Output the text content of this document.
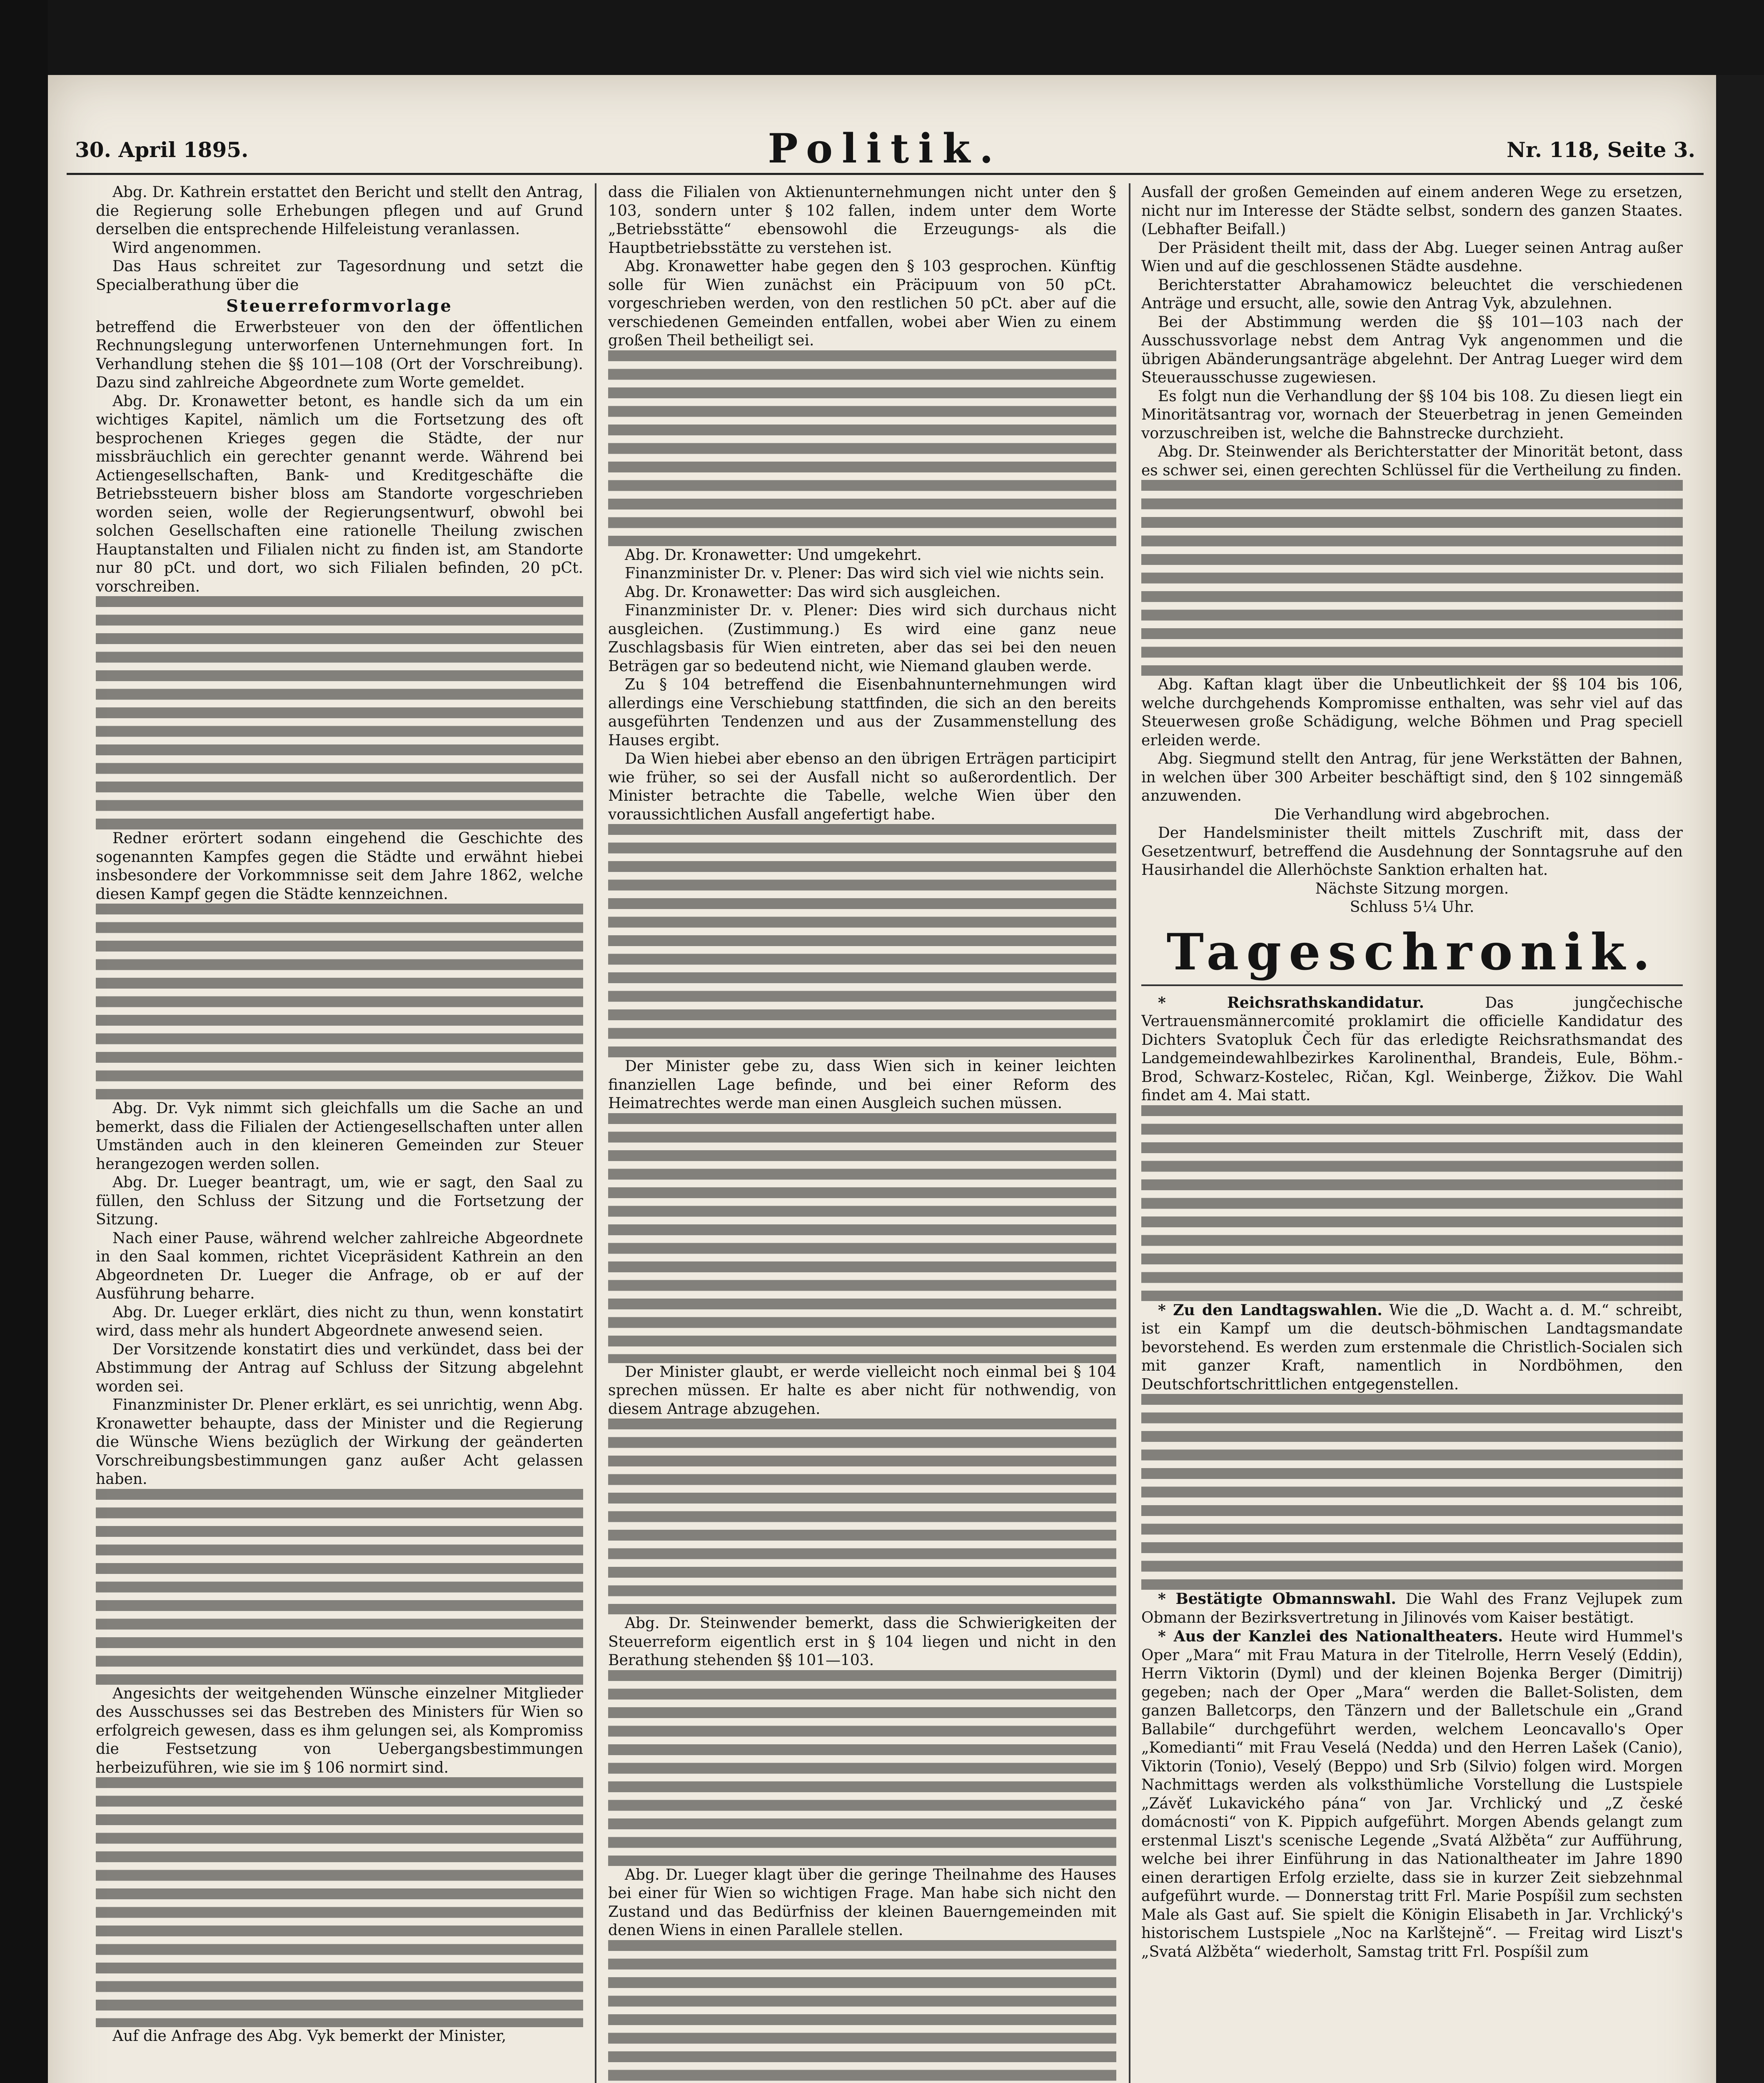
30. April 1895.	Politik.	Nr. 118, Seite 3.

Abg. Dr. Kathrein erstattet den Bericht und stellt den Antrag, die Regierung solle Erhebungen pflegen und auf Grund derselben die entsprechende Hilfeleistung veranlassen.

Wird angenommen.

Das Haus schreitet zur Tagesordnung und setzt die Specialberathung über die

Steuerreformvorlage

betreffend die Erwerbsteuer von den der öffentlichen Rechnungslegung unterworfenen Unternehmungen fort. In Verhandlung stehen die §§ 101—108 (Ort der Vorschreibung). Dazu sind zahlreiche Abgeordnete zum Worte gemeldet.

Abg. Dr. Kronawetter betont, es handle sich da um ein wichtiges Kapitel, nämlich um die Fortsetzung des oft besprochenen Krieges gegen die Städte, der nur missbräuchlich ein gerechter genannt werde. Während bei Actiengesellschaften, Bank- und Kreditgeschäfte die Betriebssteuern bisher bloss am Standorte vorgeschrieben worden seien, wolle der Regierungsentwurf, obwohl bei solchen Gesellschaften eine rationelle Theilung zwischen Hauptanstalten und Filialen nicht zu finden ist, am Standorte nur 80 pCt. und dort, wo sich Filialen befinden, 20 pCt. vorschreiben.

Redner erörtert sodann eingehend die Geschichte des sogenannten Kampfes gegen die Städte und erwähnt hiebei insbesondere der Vorkommnisse seit dem Jahre 1862, welche diesen Kampf gegen die Städte kennzeichnen.

Abg. Dr. Vyk nimmt sich gleichfalls um die Sache an und bemerkt, dass die Filialen der Actiengesellschaften unter allen Umständen auch in den kleineren Gemeinden zur Steuer herangezogen werden sollen.

Abg. Dr. Lueger beantragt, um, wie er sagt, den Saal zu füllen, den Schluss der Sitzung und die Fortsetzung der Sitzung.

Nach einer Pause, während welcher zahlreiche Abgeordnete in den Saal kommen, richtet Vicepräsident Kathrein an den Abgeordneten Dr. Lueger die Anfrage, ob er auf der Ausführung beharre.

Abg. Dr. Lueger erklärt, dies nicht zu thun, wenn konstatirt wird, dass mehr als hundert Abgeordnete anwesend seien.

Der Vorsitzende konstatirt dies und verkündet, dass bei der Abstimmung der Antrag auf Schluss der Sitzung abgelehnt worden sei.

Finanzminister Dr. Plener erklärt, es sei unrichtig, wenn Abg. Kronawetter behaupte, dass der Minister und die Regierung die Wünsche Wiens bezüglich der Wirkung der geänderten Vorschreibungsbestimmungen ganz außer Acht gelassen haben.

Angesichts der weitgehenden Wünsche einzelner Mitglieder des Ausschusses sei das Bestreben des Ministers für Wien so erfolgreich gewesen, dass es ihm gelungen sei, als Kompromiss die Festsetzung von Uebergangsbestimmungen herbeizuführen, wie sie im § 106 normirt sind.

Auf die Anfrage des Abg. Vyk bemerkt der Minister,

dass die Filialen von Aktienunternehmungen nicht unter den § 103, sondern unter § 102 fallen, indem unter dem Worte „Betriebsstätte“ ebensowohl die Erzeugungs- als die Hauptbetriebsstätte zu verstehen ist.

Abg. Kronawetter habe gegen den § 103 gesprochen. Künftig solle für Wien zunächst ein Präcipuum von 50 pCt. vorgeschrieben werden, von den restlichen 50 pCt. aber auf die verschiedenen Gemeinden entfallen, wobei aber Wien zu einem großen Theil betheiligt sei.

Abg. Dr. Kronawetter: Und umgekehrt.

Finanzminister Dr. v. Plener: Das wird sich viel wie nichts sein.

Abg. Dr. Kronawetter: Das wird sich ausgleichen.

Finanzminister Dr. v. Plener: Dies wird sich durchaus nicht ausgleichen. (Zustimmung.) Es wird eine ganz neue Zuschlagsbasis für Wien eintreten, aber das sei bei den neuen Beträgen gar so bedeutend nicht, wie Niemand glauben werde.

Zu § 104 betreffend die Eisenbahnunternehmungen wird allerdings eine Verschiebung stattfinden, die sich an den bereits ausgeführten Tendenzen und aus der Zusammenstellung des Hauses ergibt.

Da Wien hiebei aber ebenso an den übrigen Erträgen participirt wie früher, so sei der Ausfall nicht so außerordentlich. Der Minister betrachte die Tabelle, welche Wien über den voraussichtlichen Ausfall angefertigt habe.

Der Minister gebe zu, dass Wien sich in keiner leichten finanziellen Lage befinde, und bei einer Reform des Heimatrechtes werde man einen Ausgleich suchen müssen.

Der Minister glaubt, er werde vielleicht noch einmal bei § 104 sprechen müssen. Er halte es aber nicht für nothwendig, von diesem Antrage abzugehen.

Abg. Dr. Steinwender bemerkt, dass die Schwierigkeiten der Steuerreform eigentlich erst in § 104 liegen und nicht in den Berathung stehenden §§ 101—103.

Abg. Dr. Lueger klagt über die geringe Theilnahme des Hauses bei einer für Wien so wichtigen Frage. Man habe sich nicht den Zustand und das Bedürfniss der kleinen Bauerngemeinden mit denen Wiens in einen Parallele stellen.

Ausfall der großen Gemeinden auf einem anderen Wege zu ersetzen, nicht nur im Interesse der Städte selbst, sondern des ganzen Staates. (Lebhafter Beifall.)

Der Präsident theilt mit, dass der Abg. Lueger seinen Antrag außer Wien und auf die geschlossenen Städte ausdehne.

Berichterstatter Abrahamowicz beleuchtet die verschiedenen Anträge und ersucht, alle, sowie den Antrag Vyk, abzulehnen.

Bei der Abstimmung werden die §§ 101—103 nach der Ausschussvorlage nebst dem Antrag Vyk angenommen und die übrigen Abänderungsanträge abgelehnt. Der Antrag Lueger wird dem Steuerausschusse zugewiesen.

Es folgt nun die Verhandlung der §§ 104 bis 108. Zu diesen liegt ein Minoritätsantrag vor, wornach der Steuerbetrag in jenen Gemeinden vorzuschreiben ist, welche die Bahnstrecke durchzieht.

Abg. Dr. Steinwender als Berichterstatter der Minorität betont, dass es schwer sei, einen gerechten Schlüssel für die Vertheilung zu finden.

Abg. Kaftan klagt über die Unbeutlichkeit der §§ 104 bis 106, welche durchgehends Kompromisse enthalten, was sehr viel auf das Steuerwesen große Schädigung, welche Böhmen und Prag speciell erleiden werde.

Abg. Siegmund stellt den Antrag, für jene Werkstätten der Bahnen, in welchen über 300 Arbeiter beschäftigt sind, den § 102 sinngemäß anzuwenden.

Die Verhandlung wird abgebrochen.

Der Handelsminister theilt mittels Zuschrift mit, dass der Gesetzentwurf, betreffend die Ausdehnung der Sonntagsruhe auf den Hausirhandel die Allerhöchste Sanktion erhalten hat.

Nächste Sitzung morgen.

Schluss 5¼ Uhr.

Tageschronik.

* Reichsrathskandidatur.	Das jungčechische Vertrauensmännercomité proklamirt die officielle Kandidatur des Dichters Svatopluk Čech für das erledigte Reichsrathsmandat des Landgemeindewahlbezirkes Karolinenthal, Brandeis, Eule, Böhm.-Brod, Schwarz-Kostelec, Ričan, Kgl. Weinberge, Žižkov. Die Wahl findet am 4. Mai statt.

* Zu den Landtagswahlen. Wie die „D. Wacht a. d. M.“ schreibt, ist ein Kampf um die deutsch-böhmischen Landtagsmandate bevorstehend. Es werden zum erstenmale die Christlich-Socialen sich mit ganzer Kraft, namentlich in Nordböhmen, den Deutschfortschrittlichen entgegenstellen.

* Bestätigte Obmannswahl. Die Wahl des Franz Vejlupek zum Obmann der Bezirksvertretung in Jilinovés vom Kaiser bestätigt.

* Aus der Kanzlei des Nationaltheaters. Heute wird Hummel's Oper „Mara“ mit Frau Matura in der Titelrolle, Herrn Veselý (Eddin), Herrn Viktorin (Dyml) und der kleinen Bojenka Berger (Dimitrij) gegeben; nach der Oper „Mara“ werden die Ballet-Solisten, dem ganzen Balletcorps, den Tänzern und der Balletschule ein „Grand Ballabile“ durchgeführt werden, welchem Leoncavallo's Oper „Komedianti“ mit Frau Veselá (Nedda) und den Herren Lašek (Canio), Viktorin (Tonio), Veselý (Beppo) und Srb (Silvio) folgen wird. Morgen Nachmittags werden als volksthümliche Vorstellung die Lustspiele „Závěť Lukavického pána“ von Jar. Vrchlický und „Z české domácnosti“ von K. Pippich aufgeführt. Morgen Abends gelangt zum erstenmal Liszt's scenische Legende „Svatá Alžběta“ zur Aufführung, welche bei ihrer Einführung in das Nationaltheater im Jahre 1890 einen derartigen Erfolg erzielte, dass sie in kurzer Zeit siebzehnmal aufgeführt wurde. — Donnerstag tritt Frl. Marie Pospíšil zum sechsten Male als Gast auf. Sie spielt die Königin Elisabeth in Jar. Vrchlický's historischem Lustspiele „Noc na Karlštejně“. — Freitag wird Liszt's „Svatá Alžběta“ wiederholt, Samstag tritt Frl. Pospíšil zum
